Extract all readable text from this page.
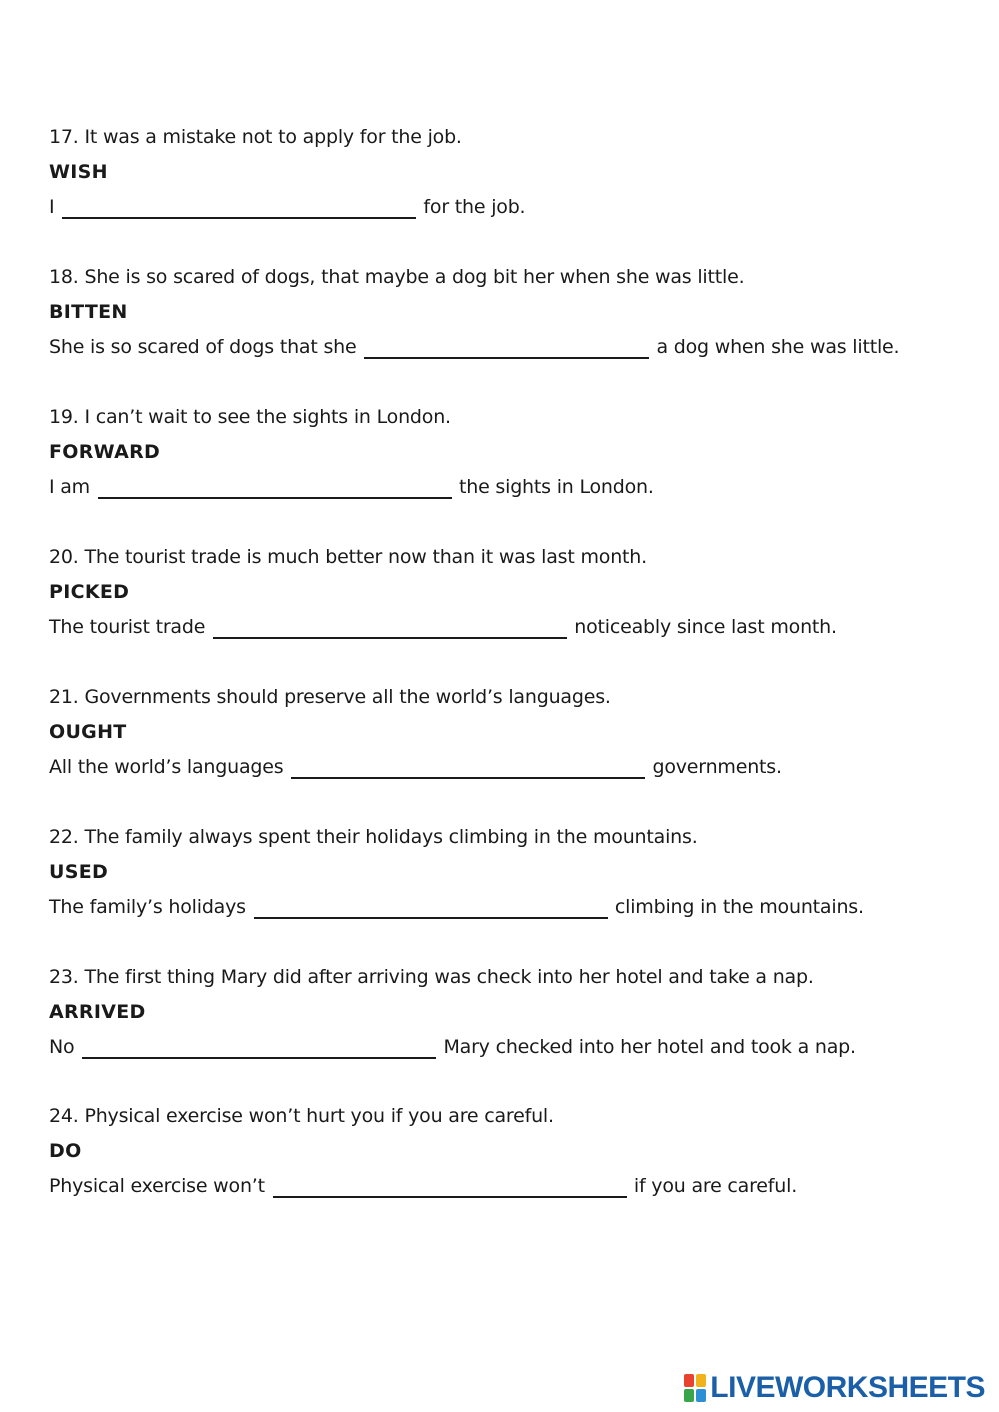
17. It was a mistake not to apply for the job.
WISH
I	for the job.
18. She is so scared of dogs, that maybe a dog bit her when she was little.
BITTEN
She is so scared of dogs that she	a dog when she was little.
19. I can’t wait to see the sights in London.
FORWARD
I am	the sights in London.
20. The tourist trade is much better now than it was last month.
PICKED
The tourist trade	noticeably since last month.
21. Governments should preserve all the world’s languages.
OUGHT
All the world’s languages	governments.
22. The family always spent their holidays climbing in the mountains.
USED
The family’s holidays	climbing in the mountains.
23. The first thing Mary did after arriving was check into her hotel and take a nap.
ARRIVED
No	Mary checked into her hotel and took a nap.
24. Physical exercise won’t hurt you if you are careful.
DO
Physical exercise won’t	if you are careful.
LIVEWORKSHEETS
